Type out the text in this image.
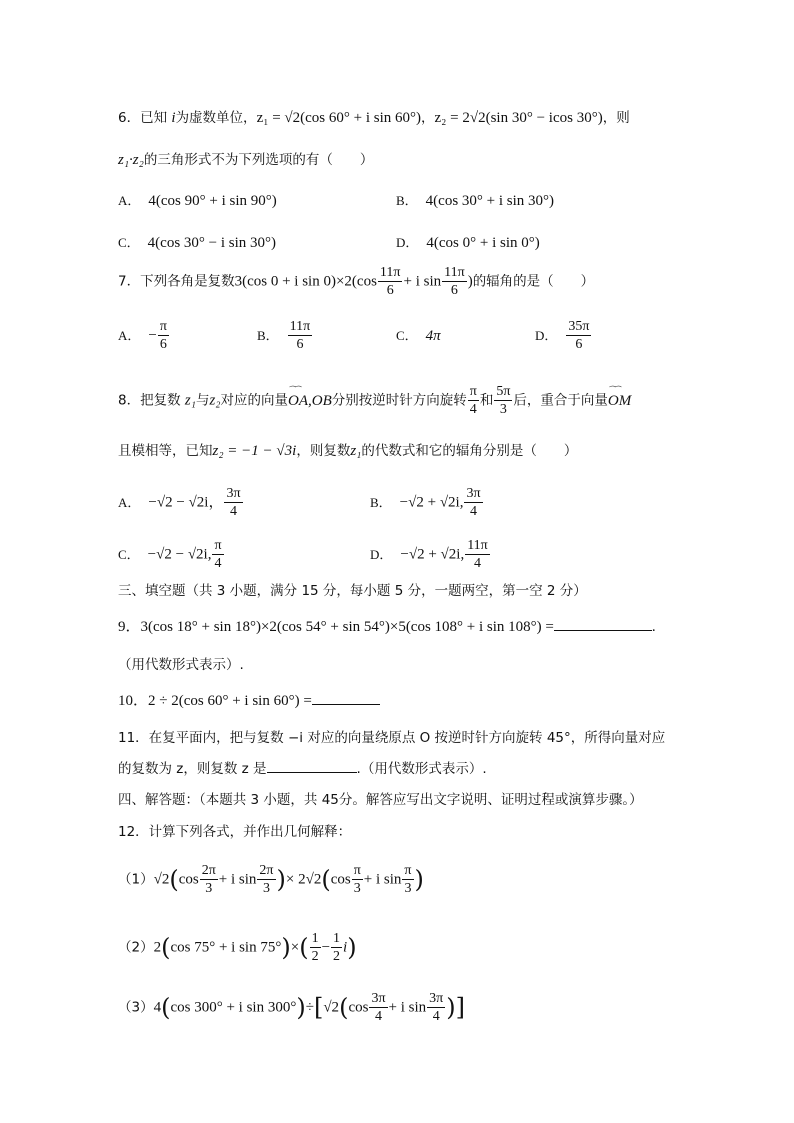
6．已知 i为虚数单位，z₁ = √2(cos 60° + i sin 60°)，z₂ = 2√2(sin 30° − icos 30°)，则
z₁·z₂的三角形式不为下列选项的有（　　）
A． 4(cos 90° + i sin 90°)	B． 4(cos 30° + i sin 30°)
C． 4(cos 30° − i sin 30°)	D． 4(cos 0° + i sin 0°)
7．下列各角是复数3(cos 0 + i $\sin 0)\times 2(\cos \frac{11\pi}{6} + i$ $\sin \frac{11\pi}{6}$ )的辐角的是（　　）
A． − $\frac{\pi}{6}$	B． $\frac{11\pi}{6}$	C． 4π	D． $\frac{35\pi}{6}$
8．把复数 z₁与z₂对应的向量⏜⏜ OA,OB分别按逆时针方向旋转 $\frac{\pi}{4}$ 和 $\frac{5\pi}{3}$ 后，重合于向量⏜⏜ OM
且模相等，已知z₂ = −1 − √3i，则复数z₁的代数式和它的辐角分别是（　　）
A． −√2 − √2i， $\frac{3\pi}{4}$	B． −√2 + √2i, $\frac{3\pi}{4}$
C． −√2 − √2i, $\frac{\pi}{4}$	D． −√2 + √2i, $\frac{11\pi}{4}$
三、填空题（共 3 小题，满分 15 分，每小题 5 分，一题两空，第一空 2 分）
9．3(cos 18° + sin 18°)×2(cos 54° + sin 54°)×5(cos 108° + i sin 108°) =	.
（用代数形式表示）.
10．2 ÷ 2(cos 60° + i sin 60°) =
11．在复平面内，把与复数 −i 对应的向量绕原点 O 按逆时针方向旋转 45°，所得向量对应
的复数为 z，则复数 z 是	.（用代数形式表示）.
四、解答题：（本题共 3 小题，共 45分。解答应写出文字说明、证明过程或演算步骤。）
12．计算下列各式，并作出几何解释：
$(1)√2(\cos \frac{2\pi}{3} + i$ $\sin \frac{2\pi}{3}$ )× $2√2(\cos \frac{\pi}{3} + i$ $\sin \frac{\pi}{3}$ )
（2）2(cos 75° + i $\sin 75^\circ)\times( \frac{1}{2} - \frac{1}{2} i)$
（3）4(cos 300° + i $\sin 300^\circ)\div[√2(\cos \frac{3\pi}{4} + i$ $\sin \frac{3\pi}{4}$ )]
